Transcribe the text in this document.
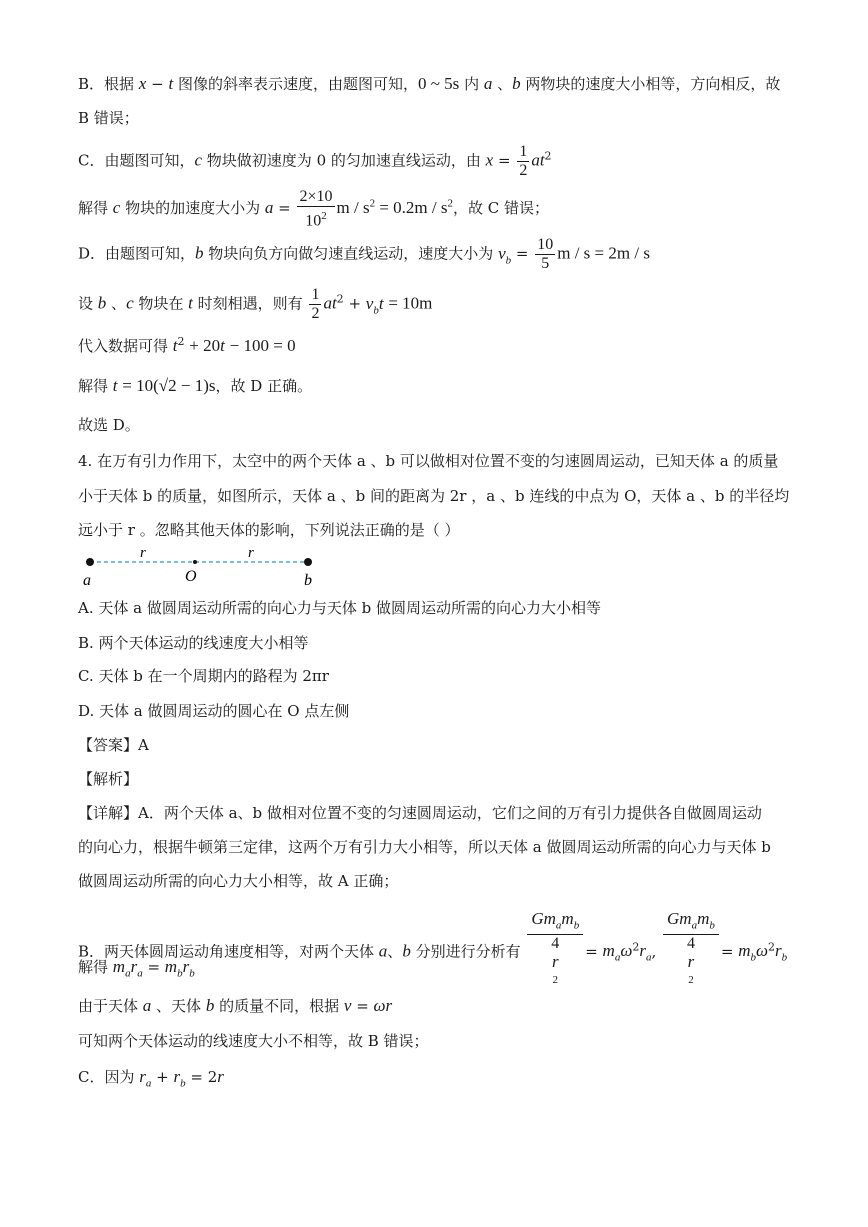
B．根据 x − t 图像的斜率表示速度，由题图可知，0 ~ 5s 内 a 、b 两物块的速度大小相等，方向相反，故
B 错误；
C．由题图可知，c 物块做初速度为 0 的匀加速直线运动，由 $x = \frac{1}{2} at^2$
解得 c 物块的加速度大小为 $a = \frac{2\times 10}{10^2}$ $m / s^2 = 0.2m / s^2$，故 C 错误；
D．由题图可知，b 物块向负方向做匀速直线运动，速度大小为 $v_b = \frac{10}{5}$ m / s = 2m / s
设 b 、c 物块在 t 时刻相遇，则有 $\frac{1}{2} at^2 + v_bt = 10m$
代入数据可得 $t^2 + 20t - 100 = 0$
解得 t = 10(√2 − 1)s，故 D 正确。
故选 D。
4. 在万有引力作用下，太空中的两个天体 a 、b 可以做相对位置不变的匀速圆周运动，已知天体 a 的质量
小于天体 b 的质量，如图所示，天体 a 、b 间的距离为 2r ，a 、b 连线的中点为 O，天体 a 、b 的半径均
远小于 r 。忽略其他天体的影响，下列说法正确的是（ ）
r	r
a	O	b
A. 天体 a 做圆周运动所需的向心力与天体 b 做圆周运动所需的向心力大小相等
B. 两个天体运动的线速度大小相等
C. 天体 b 在一个周期内的路程为 2πr
D. 天体 a 做圆周运动的圆心在 O 点左侧
【答案】A
【解析】
【详解】A．两个天体 a、b 做相对位置不变的匀速圆周运动，它们之间的万有引力提供各自做圆周运动
的向心力，根据牛顿第三定律，这两个万有引力大小相等，所以天体 a 做圆周运动所需的向心力与天体 b
做圆周运动所需的向心力大小相等，故 A 正确；
B．两天体圆周运动角速度相等，对两个天体 a、b 分别进行分析有 $Gm_am_b$
4
r
$^2 = m_a\omega^2r_a$, $Gm_am_b$
4
r
$^2 = m_b\omega^2r_b$
解得 $m_ar_a = m_br_b$
由于天体 a 、天体 b 的质量不同，根据 v = ωr
可知两个天体运动的线速度大小不相等，故 B 错误；
C．因为 $r_a + r_b = 2r$
